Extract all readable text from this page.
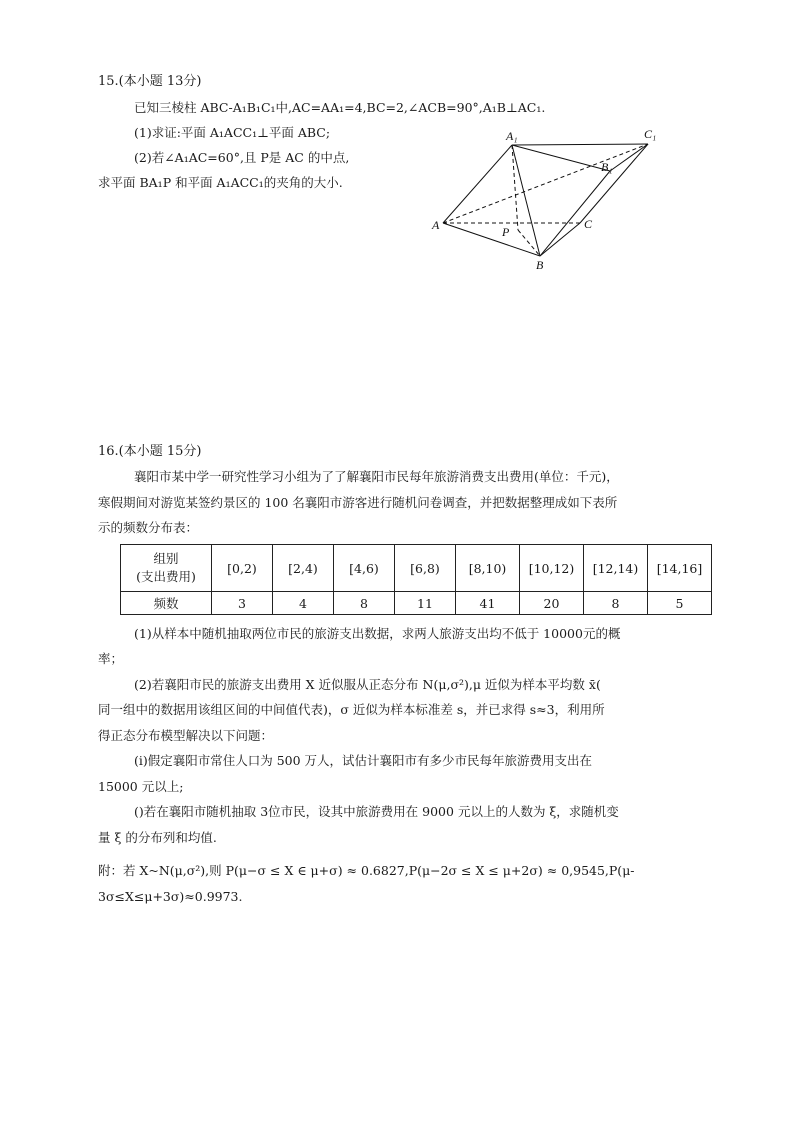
15.(本小题 13分)
已知三棱柱 ABC-A₁B₁C₁中,AC=AA₁=4,BC=2,∠ACB=90°,A₁B⊥AC₁.
(1)求证:平面 A₁ACC₁⊥平面 ABC;
(2)若∠A₁AC=60°,且 P是 AC 的中点,
求平面 BA₁P 和平面 A₁ACC₁的夹角的大小.
A₁	C₁
B₁
A	P
C
B
16.(本小题 15分)
襄阳市某中学一研究性学习小组为了了解襄阳市民每年旅游消费支出费用(单位：千元)，
寒假期间对游览某签约景区的 100 名襄阳市游客进行随机问卷调查，并把数据整理成如下表所
示的频数分布表：
组别
(支出费用)	[0,2)	[2,4)	[4,6)	[6,8)	[8,10)	[10,12)	[12,14)	[14,16]
频数	3	4	8	11	41	20	8	5
(1)从样本中随机抽取两位市民的旅游支出数据，求两人旅游支出均不低于 10000元的概
率；
(2)若襄阳市民的旅游支出费用 X 近似服从正态分布 N(μ,σ²),μ 近似为样本平均数 x̄(
同一组中的数据用该组区间的中间值代表)，σ 近似为样本标准差 s，并已求得 s≈3，利用所
得正态分布模型解决以下问题：
(i)假定襄阳市常住人口为 500 万人，试估计襄阳市有多少市民每年旅游费用支出在
15000 元以上;
()若在襄阳市随机抽取 3位市民，设其中旅游费用在 9000 元以上的人数为 ξ，求随机变
量 ξ 的分布列和均值.
附：若 X~N(μ,σ²),则 P(μ−σ ≤ X ∈ μ+σ) ≈ 0.6827,P(μ−2σ ≤ X ≤ μ+2σ) ≈ 0,9545,P(μ-
3σ≤X≤μ+3σ)≈0.9973.
